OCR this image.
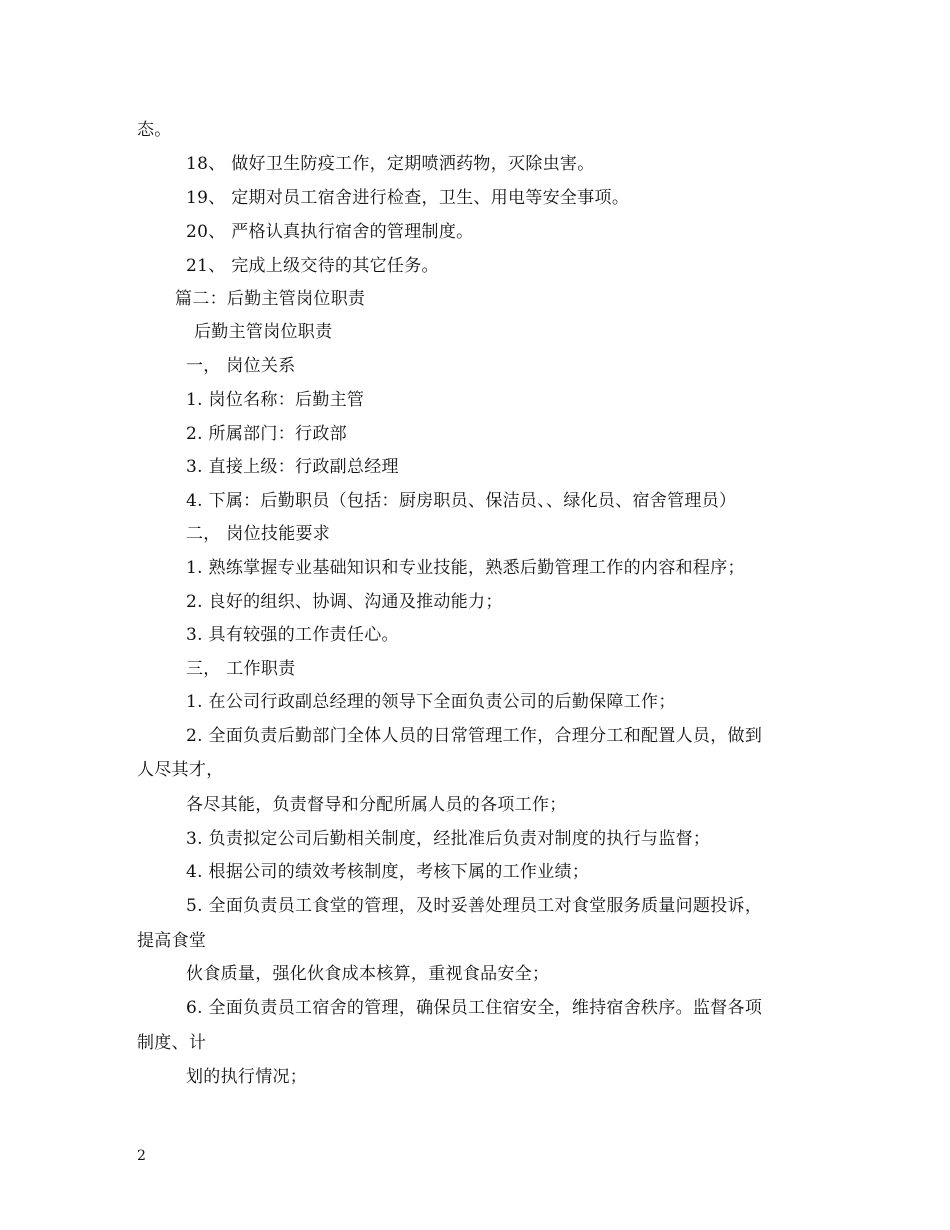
态。
18、 做好卫生防疫工作，定期喷洒药物，灭除虫害。
19、 定期对员工宿舍进行检查，卫生、用电等安全事项。
20、 严格认真执行宿舍的管理制度。
21、 完成上级交待的其它任务。
篇二：后勤主管岗位职责
后勤主管岗位职责
一， 岗位关系
1. 岗位名称：后勤主管
2. 所属部门：行政部
3. 直接上级：行政副总经理
4. 下属：后勤职员（包括：厨房职员、保洁员、、绿化员、宿舍管理员）
二， 岗位技能要求
1. 熟练掌握专业基础知识和专业技能，熟悉后勤管理工作的内容和程序；
2. 良好的组织、协调、沟通及推动能力；
3. 具有较强的工作责任心。
三， 工作职责
1. 在公司行政副总经理的领导下全面负责公司的后勤保障工作；
2. 全面负责后勤部门全体人员的日常管理工作，合理分工和配置人员，做到
人尽其才，
各尽其能，负责督导和分配所属人员的各项工作；
3. 负责拟定公司后勤相关制度，经批准后负责对制度的执行与监督；
4. 根据公司的绩效考核制度，考核下属的工作业绩；
5. 全面负责员工食堂的管理，及时妥善处理员工对食堂服务质量问题投诉，
提高食堂
伙食质量，强化伙食成本核算，重视食品安全；
6. 全面负责员工宿舍的管理，确保员工住宿安全，维持宿舍秩序。监督各项
制度、计
划的执行情况；
2
